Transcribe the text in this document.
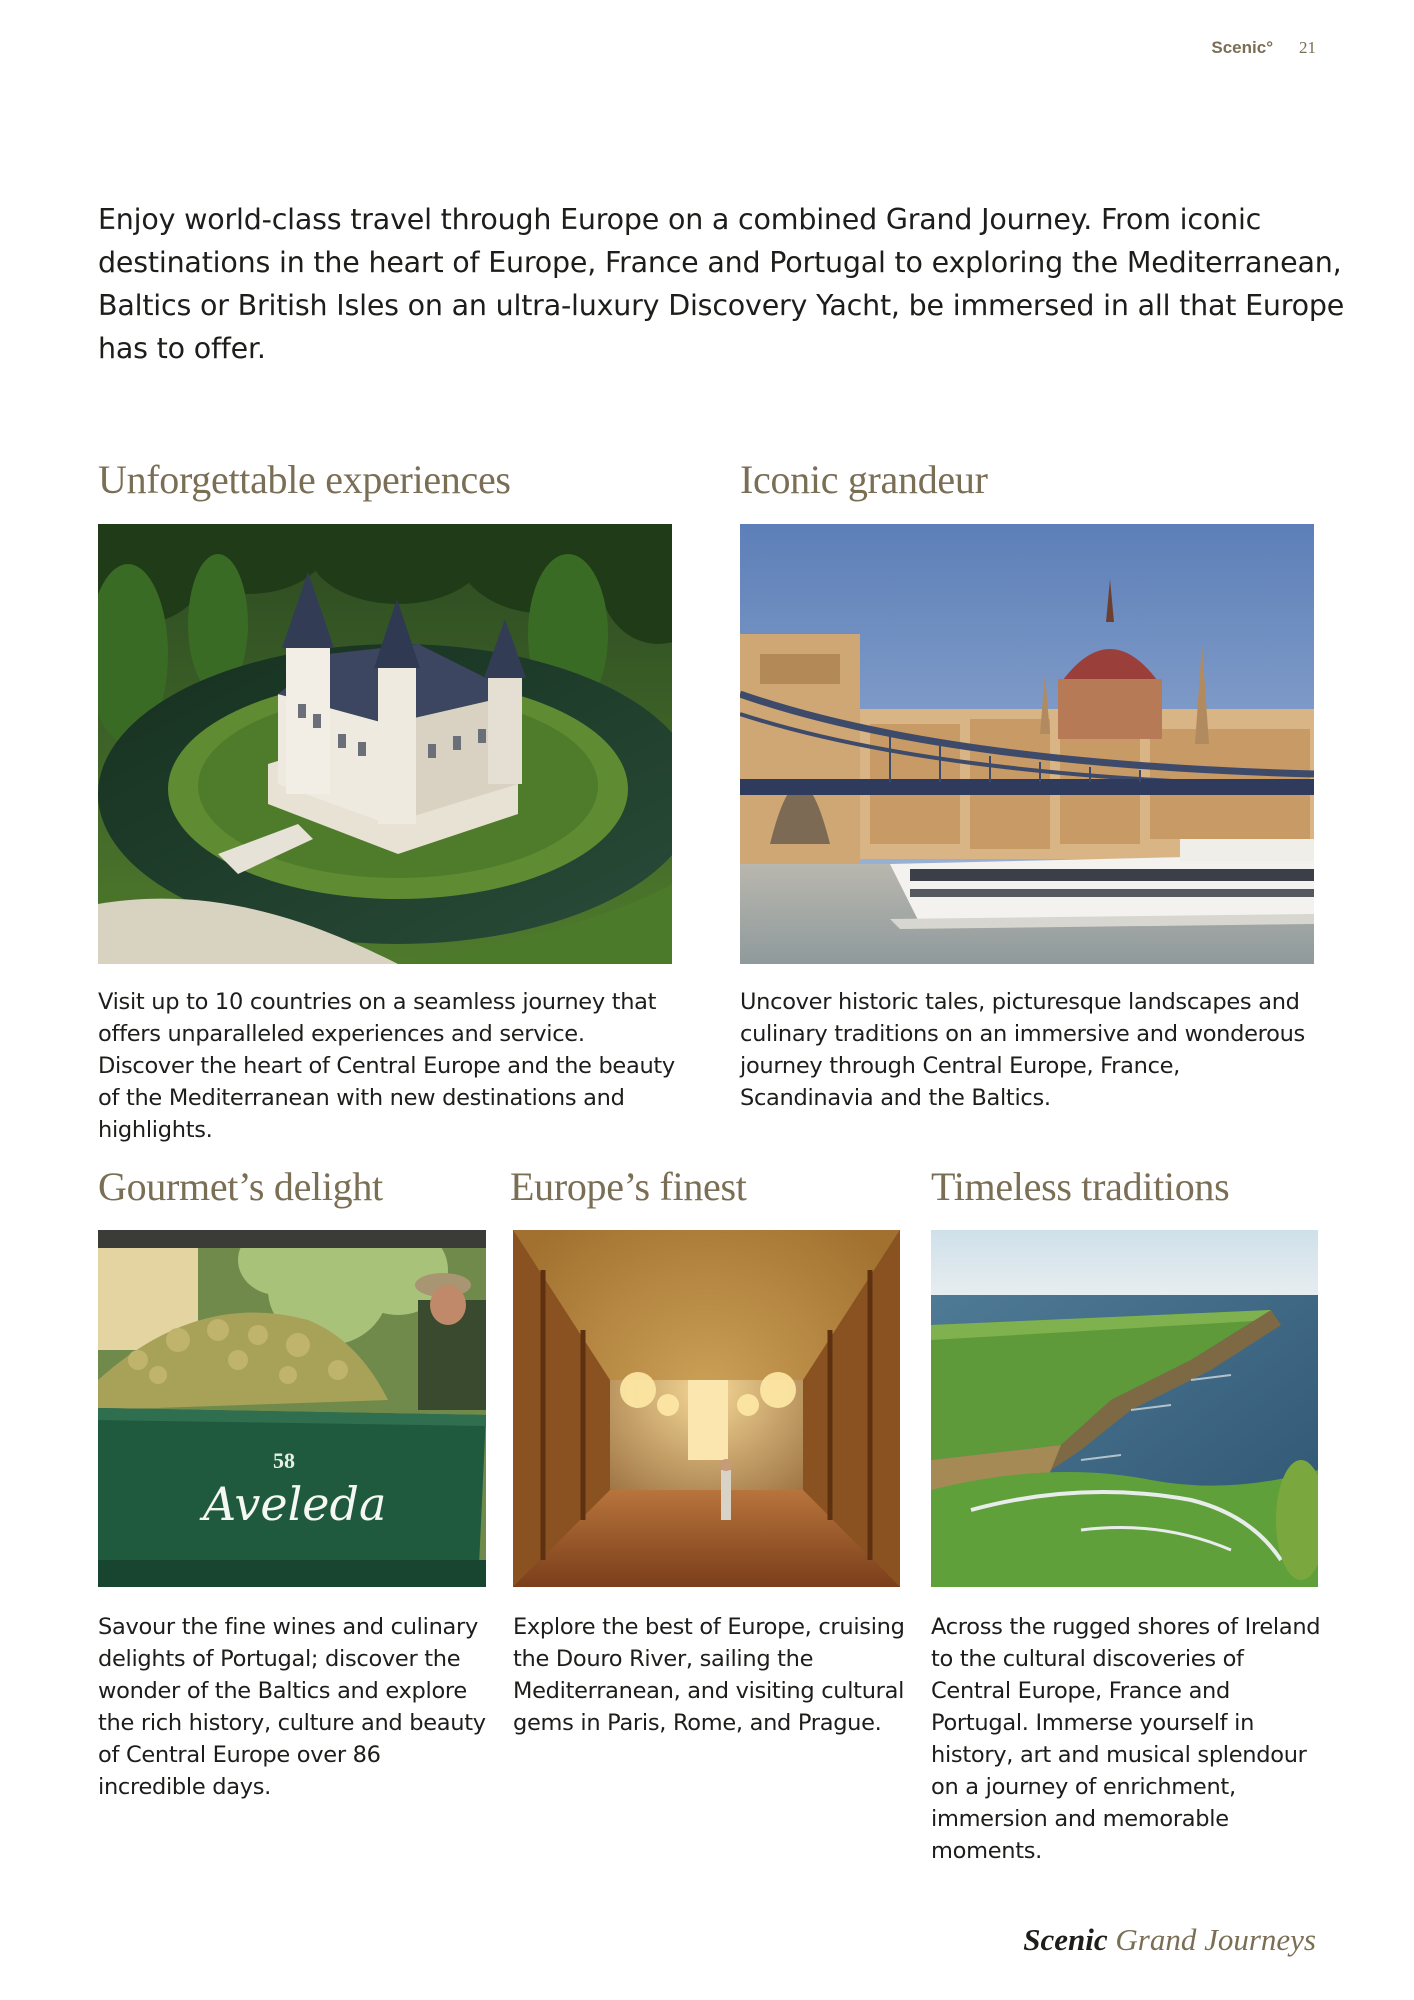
Scenic° 21

Enjoy world-class travel through Europe on a combined Grand Journey. From iconic destinations in the heart of Europe, France and Portugal to exploring the Mediterranean, Baltics or British Isles on an ultra-luxury Discovery Yacht, be immersed in all that Europe has to offer.

Unforgettable experiences

Visit up to 10 countries on a seamless journey that offers unparalleled experiences and service. Discover the heart of Central Europe and the beauty of the Mediterranean with new destinations and highlights.

Iconic grandeur

Uncover historic tales, picturesque landscapes and culinary traditions on an immersive and wonderous journey through Central Europe, France, Scandinavia and the Baltics.

Gourmet’s delight
58
Aveleda

Savour the fine wines and culinary delights of Portugal; discover the wonder of the Baltics and explore the rich history, culture and beauty of Central Europe over 86 incredible days.

Europe’s finest

Explore the best of Europe, cruising the Douro River, sailing the Mediterranean, and visiting cultural gems in Paris, Rome, and Prague.

Timeless traditions

Across the rugged shores of Ireland to the cultural discoveries of Central Europe, France and Portugal. Immerse yourself in history, art and musical splendour on a journey of enrichment, immersion and memorable moments.

Scenic Grand Journeys
